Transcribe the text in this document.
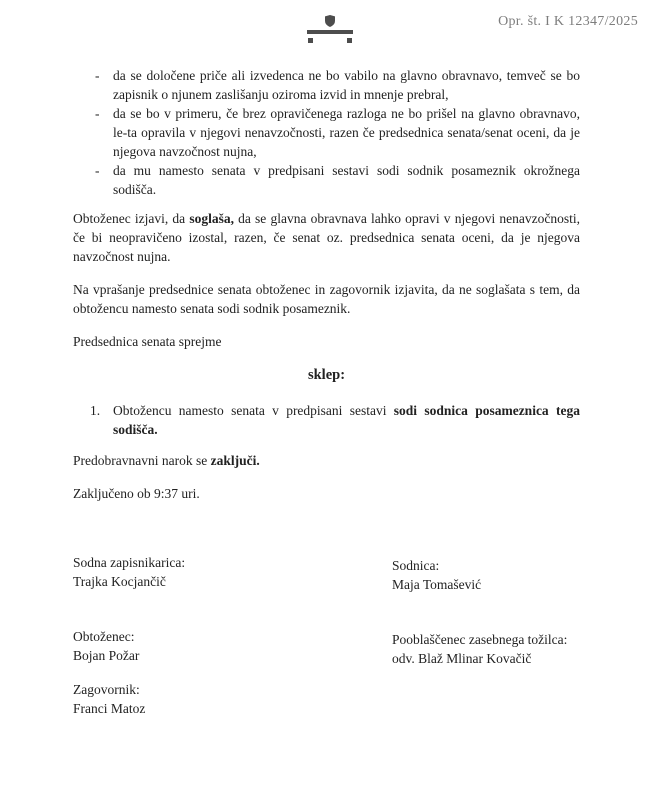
Opr. št. I K 12347/2025
- da se določene priče ali izvedenca ne bo vabilo na glavno obravnavo, temveč se bo zapisnik o njunem zaslišanju oziroma izvid in mnenje prebral,
- da se bo v primeru, če brez opravičenega razloga ne bo prišel na glavno obravnavo, le-ta opravila v njegovi nenavzočnosti, razen če predsednica senata/senat oceni, da je njegova navzočnost nujna,
- da mu namesto senata v predpisani sestavi sodi sodnik posameznik okrožnega sodišča.

Obtoženec izjavi, da soglaša, da se glavna obravnava lahko opravi v njegovi nenavzočnosti, če bi neopravičeno izostal, razen, če senat oz. predsednica senata oceni, da je njegova navzočnost nujna.

Na vprašanje predsednice senata obtoženec in zagovornik izjavita, da ne soglašata s tem, da obtožencu namesto senata sodi sodnik posameznik.

Predsednica senata sprejme

sklep:

1. Obtožencu namesto senata v predpisani sestavi sodi sodnica posameznica tega sodišča.

Predobravnavni narok se zaključi.

Zaključeno ob 9:37 uri.

Sodna zapisnikarica:
Trajka Kocjančič
Sodnica:
Maja Tomašević
Obtoženec:
Bojan Požar
Pooblaščenec zasebnega tožilca:
odv. Blaž Mlinar Kovačič
Zagovornik:
Franci Matoz
